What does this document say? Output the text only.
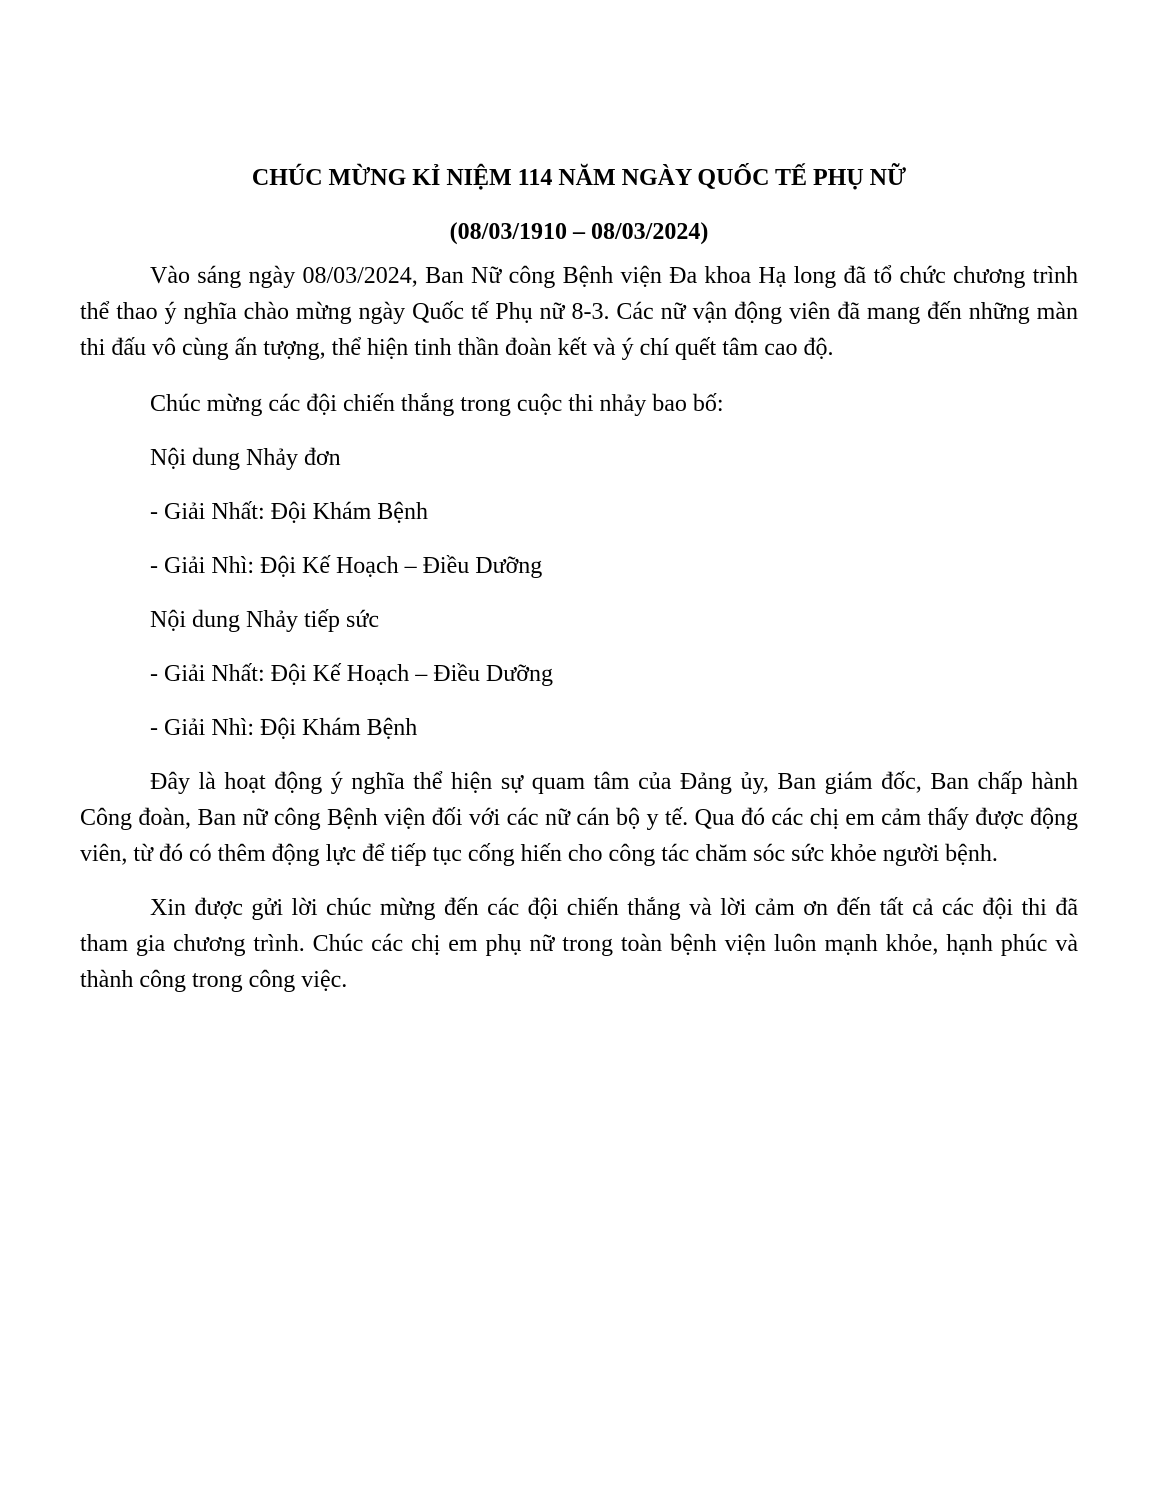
CHÚC MỪNG KỈ NIỆM 114 NĂM NGÀY QUỐC TẾ PHỤ NỮ

(08/03/1910 – 08/03/2024)

Vào sáng ngày 08/03/2024, Ban Nữ công Bệnh viện Đa khoa Hạ long đã tổ chức chương trình thể thao ý nghĩa chào mừng ngày Quốc tế Phụ nữ 8-3. Các nữ vận động viên đã mang đến những màn thi đấu vô cùng ấn tượng, thể hiện tinh thần đoàn kết và ý chí quết tâm cao độ.

Chúc mừng các đội chiến thắng trong cuộc thi nhảy bao bố:

Nội dung Nhảy đơn

- Giải Nhất: Đội Khám Bệnh

- Giải Nhì: Đội Kế Hoạch – Điều Dưỡng

Nội dung Nhảy tiếp sức

- Giải Nhất: Đội Kế Hoạch – Điều Dưỡng

- Giải Nhì: Đội Khám Bệnh

Đây là hoạt động ý nghĩa thể hiện sự quam tâm của Đảng ủy, Ban giám đốc, Ban chấp hành Công đoàn, Ban nữ công Bệnh viện đối với các nữ cán bộ y tế. Qua đó các chị em cảm thấy được động viên, từ đó có thêm động lực để tiếp tục cống hiến cho công tác chăm sóc sức khỏe người bệnh.

Xin được gửi lời chúc mừng đến các đội chiến thắng và lời cảm ơn đến tất cả các đội thi đã tham gia chương trình. Chúc các chị em phụ nữ trong toàn bệnh viện luôn mạnh khỏe, hạnh phúc và thành công trong công việc.
